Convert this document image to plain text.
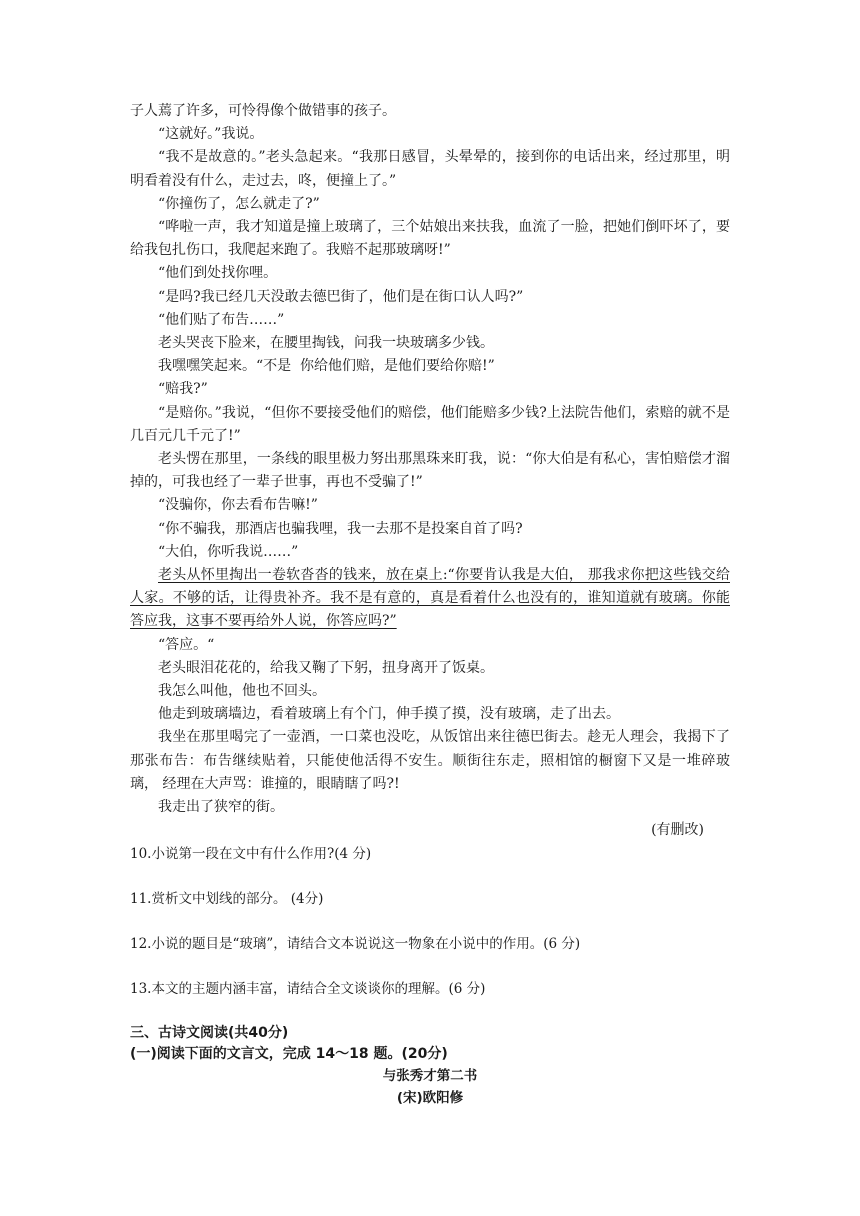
子人蔫了许多，可怜得像个做错事的孩子。

“这就好。”我说。

“我不是故意的。”老头急起来。“我那日感冒，头晕晕的，接到你的电话出来，经过那里，明明看着没有什么，走过去，咚，便撞上了。”

“你撞伤了，怎么就走了?”

“哗啦一声，我才知道是撞上玻璃了，三个姑娘出来扶我，血流了一脸，把她们倒吓坏了，要给我包扎伤口，我爬起来跑了。我赔不起那玻璃呀!”

“他们到处找你哩。

“是吗?我已经几天没敢去德巴街了，他们是在街口认人吗?”

“他们贴了布告……”

老头哭丧下脸来，在腰里掏钱，问我一块玻璃多少钱。

我嘿嘿笑起来。“不是  你给他们赔，是他们要给你赔!”

“赔我?”

“是赔你。”我说，“但你不要接受他们的赔偿，他们能赔多少钱?上法院告他们，索赔的就不是几百元几千元了!”

老头愣在那里，一条线的眼里极力努出那黑珠来盯我，说：“你大伯是有私心，害怕赔偿才溜掉的，可我也经了一辈子世事，再也不受骗了!”

“没骗你，你去看布告嘛!”

“你不骗我，那酒店也骗我哩，我一去那不是投案自首了吗?

“大伯，你听我说……”

老头从怀里掏出一卷软沓沓的钱来，放在桌上:“你要肯认我是大伯， 那我求你把这些钱交给人家。不够的话，让得贵补齐。我不是有意的，真是看着什么也没有的，谁知道就有玻璃。你能答应我，这事不要再给外人说，你答应吗?”

“答应。“

老头眼泪花花的，给我又鞠了下躬，扭身离开了饭桌。

我怎么叫他，他也不回头。

他走到玻璃墙边，看着玻璃上有个门，伸手摸了摸，没有玻璃，走了出去。

我坐在那里喝完了一壶酒，一口菜也没吃，从饭馆出来往德巴街去。趁无人理会，我揭下了那张布告：布告继续贴着，只能使他活得不安生。顺街往东走，照相馆的橱窗下又是一堆碎玻璃， 经理在大声骂：谁撞的，眼睛瞎了吗?!

我走出了狭窄的街。

(有删改)

10.小说第一段在文中有什么作用?(4 分)

11.赏析文中划线的部分。 (4分)

12.小说的题目是“玻璃”，请结合文本说说这一物象在小说中的作用。(6 分)

13.本文的主题内涵丰富，请结合全文谈谈你的理解。(6 分)

三、古诗文阅读(共40分)

(一)阅读下面的文言文，完成 14～18 题。(20分)

与张秀才第二书

(宋)欧阳修
